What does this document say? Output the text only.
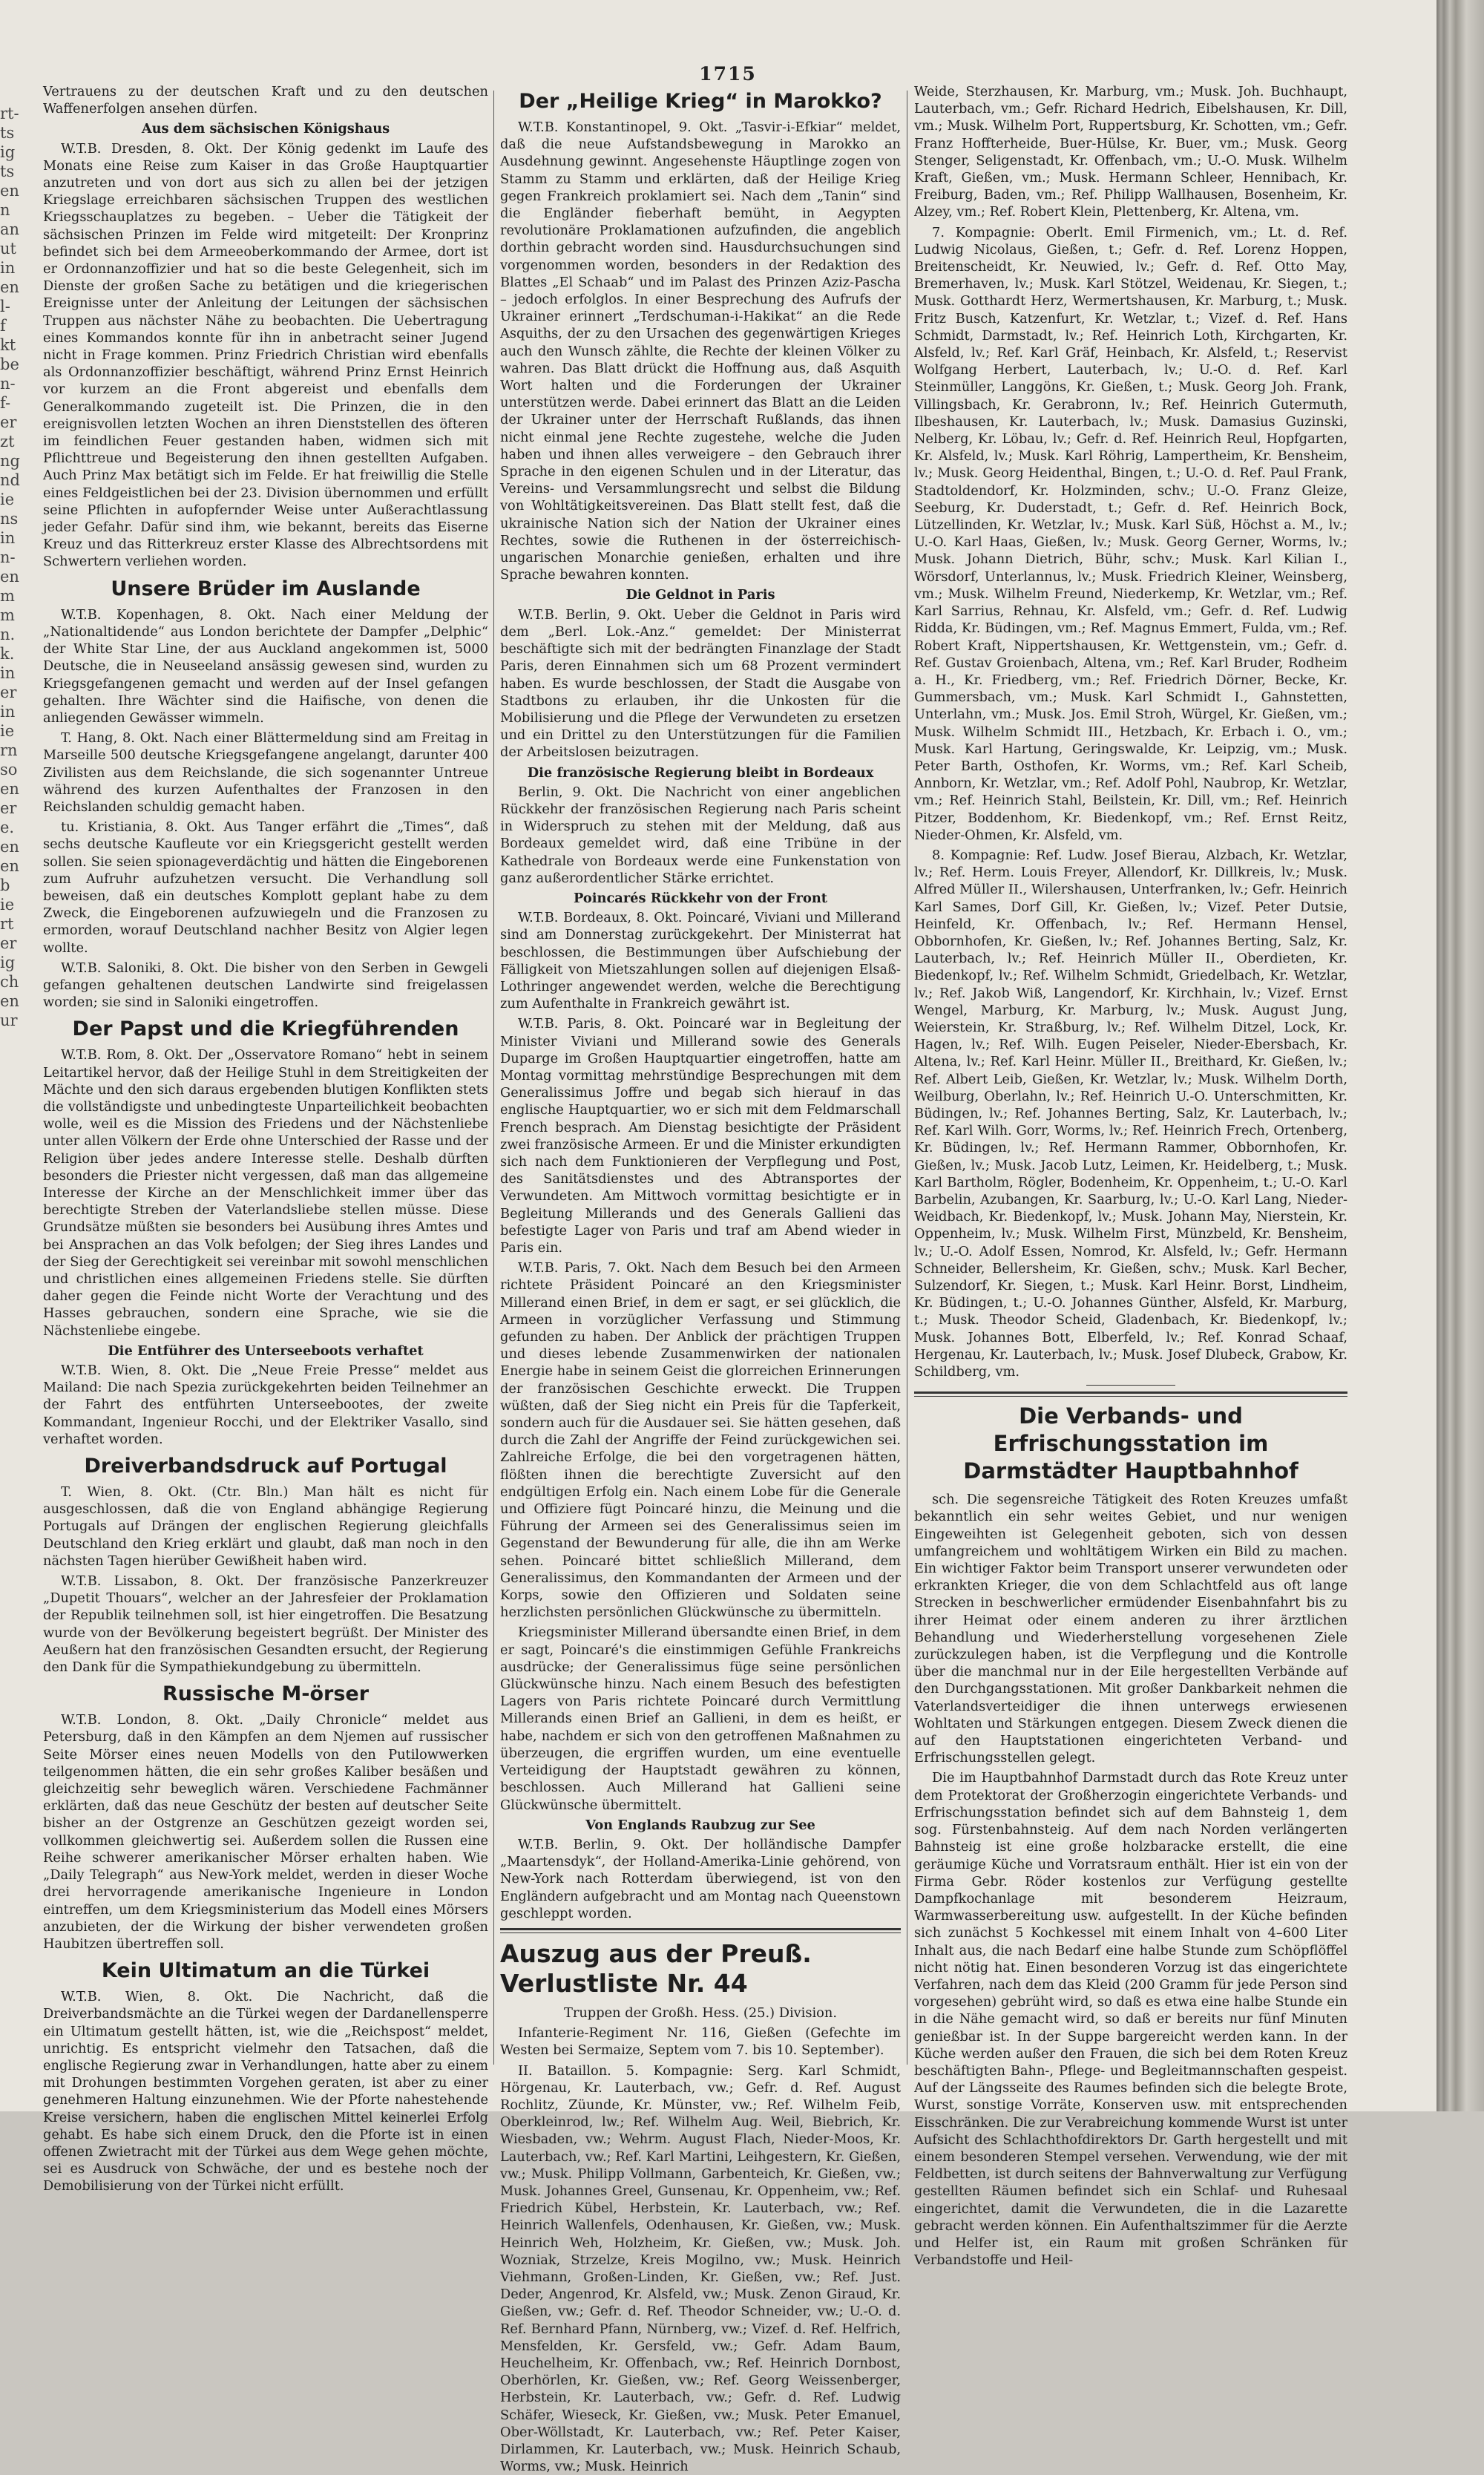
rt-
ts
ig
ts
en
n
an
ut
in
en
l-
f
kt
be
n-
f-
er
zt
ng
nd
ie
ns
in
n-
en
m
m
n.
k.
in
er
in
ie
rn
so
en
er
e.
en
en
b
ie
rt
er
ig
ch
en
ur
1715

Vertrauens zu der deutschen Kraft und zu den deutschen Waffenerfolgen ansehen dürfen.

Aus dem sächsischen Königshaus

W.T.B. Dresden, 8. Okt. Der König gedenkt im Laufe des Monats eine Reise zum Kaiser in das Große Hauptquartier anzutreten und von dort aus sich zu allen bei der jetzigen Kriegslage erreichbaren sächsischen Truppen des westlichen Kriegsschauplatzes zu begeben. – Ueber die Tätigkeit der sächsischen Prinzen im Felde wird mitgeteilt: Der Kronprinz befindet sich bei dem Armeeoberkommando der Armee, dort ist er Ordonnanzoffizier und hat so die beste Gelegenheit, sich im Dienste der großen Sache zu betätigen und die kriegerischen Ereignisse unter der Anleitung der Leitungen der sächsischen Truppen aus nächster Nähe zu beobachten. Die Uebertragung eines Kommandos konnte für ihn in anbetracht seiner Jugend nicht in Frage kommen. Prinz Friedrich Christian wird ebenfalls als Ordonnanzoffizier beschäftigt, während Prinz Ernst Heinrich vor kurzem an die Front abgereist und ebenfalls dem Generalkommando zugeteilt ist. Die Prinzen, die in den ereignisvollen letzten Wochen an ihren Dienststellen des öfteren im feindlichen Feuer gestanden haben, widmen sich mit Pflichttreue und Begeisterung den ihnen gestellten Aufgaben. Auch Prinz Max betätigt sich im Felde. Er hat freiwillig die Stelle eines Feldgeistlichen bei der 23. Division übernommen und erfüllt seine Pflichten in aufopfernder Weise unter Außerachtlassung jeder Gefahr. Dafür sind ihm, wie bekannt, bereits das Eiserne Kreuz und das Ritterkreuz erster Klasse des Albrechtsordens mit Schwertern verliehen worden.

Unsere Brüder im Auslande

W.T.B. Kopenhagen, 8. Okt. Nach einer Meldung der „Nationaltidende“ aus London berichtete der Dampfer „Delphic“ der White Star Line, der aus Auckland angekommen ist, 5000 Deutsche, die in Neuseeland ansässig gewesen sind, wurden zu Kriegsgefangenen gemacht und werden auf der Insel gefangen gehalten. Ihre Wächter sind die Haifische, von denen die anliegenden Gewässer wimmeln.

T. Hang, 8. Okt. Nach einer Blättermeldung sind am Freitag in Marseille 500 deutsche Kriegsgefangene angelangt, darunter 400 Zivilisten aus dem Reichslande, die sich sogenannter Untreue während des kurzen Aufenthaltes der Franzosen in den Reichslanden schuldig gemacht haben.

tu. Kristiania, 8. Okt. Aus Tanger erfährt die „Times“, daß sechs deutsche Kaufleute vor ein Kriegsgericht gestellt werden sollen. Sie seien spionageverdächtig und hätten die Eingeborenen zum Aufruhr aufzuhetzen versucht. Die Verhandlung soll beweisen, daß ein deutsches Komplott geplant habe zu dem Zweck, die Eingeborenen aufzuwiegeln und die Franzosen zu ermorden, worauf Deutschland nachher Besitz von Algier legen wollte.

W.T.B. Saloniki, 8. Okt. Die bisher von den Serben in Gewgeli gefangen gehaltenen deutschen Landwirte sind freigelassen worden; sie sind in Saloniki eingetroffen.

Der Papst und die Kriegführenden

W.T.B. Rom, 8. Okt. Der „Osservatore Romano“ hebt in seinem Leitartikel hervor, daß der Heilige Stuhl in dem Streitigkeiten der Mächte und den sich daraus ergebenden blutigen Konflikten stets die vollständigste und unbedingteste Unparteilichkeit beobachten wolle, weil es die Mission des Friedens und der Nächstenliebe unter allen Völkern der Erde ohne Unterschied der Rasse und der Religion über jedes andere Interesse stelle. Deshalb dürften besonders die Priester nicht vergessen, daß man das allgemeine Interesse der Kirche an der Menschlichkeit immer über das berechtigte Streben der Vaterlandsliebe stellen müsse. Diese Grundsätze müßten sie besonders bei Ausübung ihres Amtes und bei Ansprachen an das Volk befolgen; der Sieg ihres Landes und der Sieg der Gerechtigkeit sei vereinbar mit sowohl menschlichen und christlichen eines allgemeinen Friedens stelle. Sie dürften daher gegen die Feinde nicht Worte der Verachtung und des Hasses gebrauchen, sondern eine Sprache, wie sie die Nächstenliebe eingebe.

Die Entführer des Unterseeboots verhaftet

W.T.B. Wien, 8. Okt. Die „Neue Freie Presse“ meldet aus Mailand: Die nach Spezia zurückgekehrten beiden Teilnehmer an der Fahrt des entführten Unterseebootes, der zweite Kommandant, Ingenieur Rocchi, und der Elektriker Vasallo, sind verhaftet worden.

Dreiverbandsdruck auf Portugal

T. Wien, 8. Okt. (Ctr. Bln.) Man hält es nicht für ausgeschlossen, daß die von England abhängige Regierung Portugals auf Drängen der englischen Regierung gleichfalls Deutschland den Krieg erklärt und glaubt, daß man noch in den nächsten Tagen hierüber Gewißheit haben wird.

W.T.B. Lissabon, 8. Okt. Der französische Panzerkreuzer „Dupetit Thouars“, welcher an der Jahresfeier der Proklamation der Republik teilnehmen soll, ist hier eingetroffen. Die Besatzung wurde von der Bevölkerung begeistert begrüßt. Der Minister des Aeußern hat den französischen Gesandten ersucht, der Regierung den Dank für die Sympathiekundgebung zu übermitteln.

Russische M-örser

W.T.B. London, 8. Okt. „Daily Chronicle“ meldet aus Petersburg, daß in den Kämpfen an dem Njemen auf russischer Seite Mörser eines neuen Modells von den Putilowwerken teilgenommen hätten, die ein sehr großes Kaliber besäßen und gleichzeitig sehr beweglich wären. Verschiedene Fachmänner erklärten, daß das neue Geschütz der besten auf deutscher Seite bisher an der Ostgrenze an Geschützen gezeigt worden sei, vollkommen gleichwertig sei. Außerdem sollen die Russen eine Reihe schwerer amerikanischer Mörser erhalten haben. Wie „Daily Telegraph“ aus New-York meldet, werden in dieser Woche drei hervorragende amerikanische Ingenieure in London eintreffen, um dem Kriegsministerium das Modell eines Mörsers anzubieten, der die Wirkung der bisher verwendeten großen Haubitzen übertreffen soll.

Kein Ultimatum an die Türkei

W.T.B. Wien, 8. Okt. Die Nachricht, daß die Dreiverbandsmächte an die Türkei wegen der Dardanellensperre ein Ultimatum gestellt hätten, ist, wie die „Reichspost“ meldet, unrichtig. Es entspricht vielmehr den Tatsachen, daß die englische Regierung zwar in Verhandlungen, hatte aber zu einem mit Drohungen bestimmten Vorgehen geraten, ist aber zu einer genehmeren Haltung einzunehmen. Wie der Pforte nahestehende Kreise versichern, haben die englischen Mittel keinerlei Erfolg gehabt. Es habe sich einem Druck, den die Pforte ist in einen offenen Zwietracht mit der Türkei aus dem Wege gehen möchte, sei es Ausdruck von Schwäche, der und es bestehe noch der Demobilisierung von der Türkei nicht erfüllt.

Der „Heilige Krieg“ in Marokko?

W.T.B. Konstantinopel, 9. Okt. „Tasvir-i-Efkiar“ meldet, daß die neue Aufstandsbewegung in Marokko an Ausdehnung gewinnt. Angesehenste Häuptlinge zogen von Stamm zu Stamm und erklärten, daß der Heilige Krieg gegen Frankreich proklamiert sei. Nach dem „Tanin“ sind die Engländer fieberhaft bemüht, in Aegypten revolutionäre Proklamationen aufzufinden, die angeblich dorthin gebracht worden sind. Hausdurchsuchungen sind vorgenommen worden, besonders in der Redaktion des Blattes „El Schaab“ und im Palast des Prinzen Aziz-Pascha – jedoch erfolglos. In einer Besprechung des Aufrufs der Ukrainer erinnert „Terdschuman-i-Hakikat“ an die Rede Asquiths, der zu den Ursachen des gegenwärtigen Krieges auch den Wunsch zählte, die Rechte der kleinen Völker zu wahren. Das Blatt drückt die Hoffnung aus, daß Asquith Wort halten und die Forderungen der Ukrainer unterstützen werde. Dabei erinnert das Blatt an die Leiden der Ukrainer unter der Herrschaft Rußlands, das ihnen nicht einmal jene Rechte zugestehe, welche die Juden haben und ihnen alles verweigere – den Gebrauch ihrer Sprache in den eigenen Schulen und in der Literatur, das Vereins- und Versammlungsrecht und selbst die Bildung von Wohltätigkeitsvereinen. Das Blatt stellt fest, daß die ukrainische Nation sich der Nation der Ukrainer eines Rechtes, sowie die Ruthenen in der österreichisch-ungarischen Monarchie genießen, erhalten und ihre Sprache bewahren konnten.

Die Geldnot in Paris

W.T.B. Berlin, 9. Okt. Ueber die Geldnot in Paris wird dem „Berl. Lok.-Anz.“ gemeldet: Der Ministerrat beschäftigte sich mit der bedrängten Finanzlage der Stadt Paris, deren Einnahmen sich um 68 Prozent vermindert haben. Es wurde beschlossen, der Stadt die Ausgabe von Stadtbons zu erlauben, ihr die Unkosten für die Mobilisierung und die Pflege der Verwundeten zu ersetzen und ein Drittel zu den Unterstützungen für die Familien der Arbeitslosen beizutragen.

Die französische Regierung bleibt in Bordeaux

Berlin, 9. Okt. Die Nachricht von einer angeblichen Rückkehr der französischen Regierung nach Paris scheint in Widerspruch zu stehen mit der Meldung, daß aus Bordeaux gemeldet wird, daß eine Tribüne in der Kathedrale von Bordeaux werde eine Funkenstation von ganz außerordentlicher Stärke errichtet.

Poincarés Rückkehr von der Front

W.T.B. Bordeaux, 8. Okt. Poincaré, Viviani und Millerand sind am Donnerstag zurückgekehrt. Der Ministerrat hat beschlossen, die Bestimmungen über Aufschiebung der Fälligkeit von Mietszahlungen sollen auf diejenigen Elsaß-Lothringer angewendet werden, welche die Berechtigung zum Aufenthalte in Frankreich gewährt ist.

W.T.B. Paris, 8. Okt. Poincaré war in Begleitung der Minister Viviani und Millerand sowie des Generals Duparge im Großen Hauptquartier eingetroffen, hatte am Montag vormittag mehrstündige Besprechungen mit dem Generalissimus Joffre und begab sich hierauf in das englische Hauptquartier, wo er sich mit dem Feldmarschall French besprach. Am Dienstag besichtigte der Präsident zwei französische Armeen. Er und die Minister erkundigten sich nach dem Funktionieren der Verpflegung und Post, des Sanitätsdienstes und des Abtransportes der Verwundeten. Am Mittwoch vormittag besichtigte er in Begleitung Millerands und des Generals Gallieni das befestigte Lager von Paris und traf am Abend wieder in Paris ein.

W.T.B. Paris, 7. Okt. Nach dem Besuch bei den Armeen richtete Präsident Poincaré an den Kriegsminister Millerand einen Brief, in dem er sagt, er sei glücklich, die Armeen in vorzüglicher Verfassung und Stimmung gefunden zu haben. Der Anblick der prächtigen Truppen und dieses lebende Zusammenwirken der nationalen Energie habe in seinem Geist die glorreichen Erinnerungen der französischen Geschichte erweckt. Die Truppen wüßten, daß der Sieg nicht ein Preis für die Tapferkeit, sondern auch für die Ausdauer sei. Sie hätten gesehen, daß durch die Zahl der Angriffe der Feind zurückgewichen sei. Zahlreiche Erfolge, die bei den vorgetragenen hätten, flößten ihnen die berechtigte Zuversicht auf den endgültigen Erfolg ein. Nach einem Lobe für die Generale und Offiziere fügt Poincaré hinzu, die Meinung und die Führung der Armeen sei des Generalissimus seien im Gegenstand der Bewunderung für alle, die ihn am Werke sehen. Poincaré bittet schließlich Millerand, dem Generalissimus, den Kommandanten der Armeen und der Korps, sowie den Offizieren und Soldaten seine herzlichsten persönlichen Glückwünsche zu übermitteln.

Kriegsminister Millerand übersandte einen Brief, in dem er sagt, Poincaré's die einstimmigen Gefühle Frankreichs ausdrücke; der Generalissimus füge seine persönlichen Glückwünsche hinzu. Nach einem Besuch des befestigten Lagers von Paris richtete Poincaré durch Vermittlung Millerands einen Brief an Gallieni, in dem es heißt, er habe, nachdem er sich von den getroffenen Maßnahmen zu überzeugen, die ergriffen wurden, um eine eventuelle Verteidigung der Hauptstadt gewähren zu können, beschlossen. Auch Millerand hat Gallieni seine Glückwünsche übermittelt.

Von Englands Raubzug zur See

W.T.B. Berlin, 9. Okt. Der holländische Dampfer „Maartensdyk“, der Holland-Amerika-Linie gehörend, von New-York nach Rotterdam überwiegend, ist von den Engländern aufgebracht und am Montag nach Queenstown geschleppt worden.

Auszug aus der Preuß. Verlustliste Nr. 44

Truppen der Großh. Hess. (25.) Division.

Infanterie-Regiment Nr. 116, Gießen (Gefechte im Westen bei Sermaize, Septem vom 7. bis 10. September).

II. Bataillon. 5. Kompagnie: Serg. Karl Schmidt, Hörgenau, Kr. Lauterbach, vw.; Gefr. d. Ref. August Rochlitz, Züunde, Kr. Münster, vw.; Ref. Wilhelm Feib, Oberkleinrod, lw.; Ref. Wilhelm Aug. Weil, Biebrich, Kr. Wiesbaden, vw.; Wehrm. August Flach, Nieder-Moos, Kr. Lauterbach, vw.; Ref. Karl Martini, Leihgestern, Kr. Gießen, vw.; Musk. Philipp Vollmann, Garbenteich, Kr. Gießen, vw.; Musk. Johannes Greel, Gunsenau, Kr. Oppenheim, vw.; Ref. Friedrich Kübel, Herbstein, Kr. Lauterbach, vw.; Ref. Heinrich Wallenfels, Odenhausen, Kr. Gießen, vw.; Musk. Heinrich Weh, Holzheim, Kr. Gießen, vw.; Musk. Joh. Wozniak, Strzelze, Kreis Mogilno, vw.; Musk. Heinrich Viehmann, Großen-Linden, Kr. Gießen, vw.; Ref. Just. Deder, Angenrod, Kr. Alsfeld, vw.; Musk. Zenon Giraud, Kr. Gießen, vw.; Gefr. d. Ref. Theodor Schneider, vw.; U.-O. d. Ref. Bernhard Pfann, Nürnberg, vw.; Vizef. d. Ref. Helfrich, Mensfelden, Kr. Gersfeld, vw.; Gefr. Adam Baum, Heuchelheim, Kr. Offenbach, vw.; Ref. Heinrich Dornbost, Oberhörlen, Kr. Gießen, vw.; Ref. Georg Weissenberger, Herbstein, Kr. Lauterbach, vw.; Gefr. d. Ref. Ludwig Schäfer, Wieseck, Kr. Gießen, vw.; Musk. Peter Emanuel, Ober-Wöllstadt, Kr. Lauterbach, vw.; Ref. Peter Kaiser, Dirlammen, Kr. Lauterbach, vw.; Musk. Heinrich Schaub, Worms, vw.; Musk. Heinrich

Weide, Sterzhausen, Kr. Marburg, vm.; Musk. Joh. Buchhaupt, Lauterbach, vm.; Gefr. Richard Hedrich, Eibelshausen, Kr. Dill, vm.; Musk. Wilhelm Port, Ruppertsburg, Kr. Schotten, vm.; Gefr. Franz Hoffterheide, Buer-Hülse, Kr. Buer, vm.; Musk. Georg Stenger, Seligenstadt, Kr. Offenbach, vm.; U.-O. Musk. Wilhelm Kraft, Gießen, vm.; Musk. Hermann Schleer, Hennibach, Kr. Freiburg, Baden, vm.; Ref. Philipp Wallhausen, Bosenheim, Kr. Alzey, vm.; Ref. Robert Klein, Plettenberg, Kr. Altena, vm.

7. Kompagnie: Oberlt. Emil Firmenich, vm.; Lt. d. Ref. Ludwig Nicolaus, Gießen, t.; Gefr. d. Ref. Lorenz Hoppen, Breitenscheidt, Kr. Neuwied, lv.; Gefr. d. Ref. Otto May, Bremerhaven, lv.; Musk. Karl Stötzel, Weidenau, Kr. Siegen, t.; Musk. Gotthardt Herz, Wermertshausen, Kr. Marburg, t.; Musk. Fritz Busch, Katzenfurt, Kr. Wetzlar, t.; Vizef. d. Ref. Hans Schmidt, Darmstadt, lv.; Ref. Heinrich Loth, Kirchgarten, Kr. Alsfeld, lv.; Ref. Karl Gräf, Heinbach, Kr. Alsfeld, t.; Reservist Wolfgang Herbert, Lauterbach, lv.; U.-O. d. Ref. Karl Steinmüller, Langgöns, Kr. Gießen, t.; Musk. Georg Joh. Frank, Villingsbach, Kr. Gerabronn, lv.; Ref. Heinrich Gutermuth, Ilbeshausen, Kr. Lauterbach, lv.; Musk. Damasius Guzinski, Nelberg, Kr. Löbau, lv.; Gefr. d. Ref. Heinrich Reul, Hopfgarten, Kr. Alsfeld, lv.; Musk. Karl Röhrig, Lampertheim, Kr. Bensheim, lv.; Musk. Georg Heidenthal, Bingen, t.; U.-O. d. Ref. Paul Frank, Stadtoldendorf, Kr. Holzminden, schv.; U.-O. Franz Gleize, Seeburg, Kr. Duderstadt, t.; Gefr. d. Ref. Heinrich Bock, Lützellinden, Kr. Wetzlar, lv.; Musk. Karl Süß, Höchst a. M., lv.; U.-O. Karl Haas, Gießen, lv.; Musk. Georg Gerner, Worms, lv.; Musk. Johann Dietrich, Bühr, schv.; Musk. Karl Kilian I., Wörsdorf, Unterlannus, lv.; Musk. Friedrich Kleiner, Weinsberg, vm.; Musk. Wilhelm Freund, Niederkemp, Kr. Wetzlar, vm.; Ref. Karl Sarrius, Rehnau, Kr. Alsfeld, vm.; Gefr. d. Ref. Ludwig Ridda, Kr. Büdingen, vm.; Ref. Magnus Emmert, Fulda, vm.; Ref. Robert Kraft, Nippertshausen, Kr. Wettgenstein, vm.; Gefr. d. Ref. Gustav Groienbach, Altena, vm.; Ref. Karl Bruder, Rodheim a. H., Kr. Friedberg, vm.; Ref. Friedrich Dörner, Becke, Kr. Gummersbach, vm.; Musk. Karl Schmidt I., Gahnstetten, Unterlahn, vm.; Musk. Jos. Emil Stroh, Würgel, Kr. Gießen, vm.; Musk. Wilhelm Schmidt III., Hetzbach, Kr. Erbach i. O., vm.; Musk. Karl Hartung, Geringswalde, Kr. Leipzig, vm.; Musk. Peter Barth, Osthofen, Kr. Worms, vm.; Ref. Karl Scheib, Annborn, Kr. Wetzlar, vm.; Ref. Adolf Pohl, Naubrop, Kr. Wetzlar, vm.; Ref. Heinrich Stahl, Beilstein, Kr. Dill, vm.; Ref. Heinrich Pitzer, Boddenhom, Kr. Biedenkopf, vm.; Ref. Ernst Reitz, Nieder-Ohmen, Kr. Alsfeld, vm.

8. Kompagnie: Ref. Ludw. Josef Bierau, Alzbach, Kr. Wetzlar, lv.; Ref. Herm. Louis Freyer, Allendorf, Kr. Dillkreis, lv.; Musk. Alfred Müller II., Wilershausen, Unterfranken, lv.; Gefr. Heinrich Karl Sames, Dorf Gill, Kr. Gießen, lv.; Vizef. Peter Dutsie, Heinfeld, Kr. Offenbach, lv.; Ref. Hermann Hensel, Obbornhofen, Kr. Gießen, lv.; Ref. Johannes Berting, Salz, Kr. Lauterbach, lv.; Ref. Heinrich Müller II., Oberdieten, Kr. Biedenkopf, lv.; Ref. Wilhelm Schmidt, Griedelbach, Kr. Wetzlar, lv.; Ref. Jakob Wiß, Langendorf, Kr. Kirchhain, lv.; Vizef. Ernst Wengel, Marburg, Kr. Marburg, lv.; Musk. August Jung, Weierstein, Kr. Straßburg, lv.; Ref. Wilhelm Ditzel, Lock, Kr. Hagen, lv.; Ref. Wilh. Eugen Peiseler, Nieder-Ebersbach, Kr. Altena, lv.; Ref. Karl Heinr. Müller II., Breithard, Kr. Gießen, lv.; Ref. Albert Leib, Gießen, Kr. Wetzlar, lv.; Musk. Wilhelm Dorth, Weilburg, Oberlahn, lv.; Ref. Heinrich U.-O. Unterschmitten, Kr. Büdingen, lv.; Ref. Johannes Berting, Salz, Kr. Lauterbach, lv.; Ref. Karl Wilh. Gorr, Worms, lv.; Ref. Heinrich Frech, Ortenberg, Kr. Büdingen, lv.; Ref. Hermann Rammer, Obbornhofen, Kr. Gießen, lv.; Musk. Jacob Lutz, Leimen, Kr. Heidelberg, t.; Musk. Karl Bartholm, Rögler, Bodenheim, Kr. Oppenheim, t.; U.-O. Karl Barbelin, Azubangen, Kr. Saarburg, lv.; U.-O. Karl Lang, Nieder-Weidbach, Kr. Biedenkopf, lv.; Musk. Johann May, Nierstein, Kr. Oppenheim, lv.; Musk. Wilhelm First, Münzbeld, Kr. Bensheim, lv.; U.-O. Adolf Essen, Nomrod, Kr. Alsfeld, lv.; Gefr. Hermann Schneider, Bellersheim, Kr. Gießen, schv.; Musk. Karl Becher, Sulzendorf, Kr. Siegen, t.; Musk. Karl Heinr. Borst, Lindheim, Kr. Büdingen, t.; U.-O. Johannes Günther, Alsfeld, Kr. Marburg, t.; Musk. Theodor Scheid, Gladenbach, Kr. Biedenkopf, lv.; Musk. Johannes Bott, Elberfeld, lv.; Ref. Konrad Schaaf, Hergenau, Kr. Lauterbach, lv.; Musk. Josef Dlubeck, Grabow, Kr. Schildberg, vm.

Die Verbands- und Erfrischungsstation im Darmstädter Hauptbahnhof

sch. Die segensreiche Tätigkeit des Roten Kreuzes umfaßt bekanntlich ein sehr weites Gebiet, und nur wenigen Eingeweihten ist Gelegenheit geboten, sich von dessen umfangreichem und wohltätigem Wirken ein Bild zu machen. Ein wichtiger Faktor beim Transport unserer verwundeten oder erkrankten Krieger, die von dem Schlachtfeld aus oft lange Strecken in beschwerlicher ermüdender Eisenbahnfahrt bis zu ihrer Heimat oder einem anderen zu ihrer ärztlichen Behandlung und Wiederherstellung vorgesehenen Ziele zurückzulegen haben, ist die Verpflegung und die Kontrolle über die manchmal nur in der Eile hergestellten Verbände auf den Durchgangsstationen. Mit großer Dankbarkeit nehmen die Vaterlandsverteidiger die ihnen unterwegs erwiesenen Wohltaten und Stärkungen entgegen. Diesem Zweck dienen die auf den Hauptstationen eingerichteten Verband- und Erfrischungsstellen gelegt.

Die im Hauptbahnhof Darmstadt durch das Rote Kreuz unter dem Protektorat der Großherzogin eingerichtete Verbands- und Erfrischungsstation befindet sich auf dem Bahnsteig 1, dem sog. Fürstenbahnsteig. Auf dem nach Norden verlängerten Bahnsteig ist eine große holzbaracke erstellt, die eine geräumige Küche und Vorratsraum enthält. Hier ist ein von der Firma Gebr. Röder kostenlos zur Verfügung gestellte Dampfkochanlage mit besonderem Heizraum, Warmwasserbereitung usw. aufgestellt. In der Küche befinden sich zunächst 5 Kochkessel mit einem Inhalt von 4–600 Liter Inhalt aus, die nach Bedarf eine halbe Stunde zum Schöpflöffel nicht nötig hat. Einen besonderen Vorzug ist das eingerichtete Verfahren, nach dem das Kleid (200 Gramm für jede Person sind vorgesehen) gebrüht wird, so daß es etwa eine halbe Stunde ein in die Nähe gemacht wird, so daß er bereits nur fünf Minuten genießbar ist. In der Suppe bargereicht werden kann. In der Küche werden außer den Frauen, die sich bei dem Roten Kreuz beschäftigten Bahn-, Pflege- und Begleitmannschaften gespeist. Auf der Längsseite des Raumes befinden sich die belegte Brote, Wurst, sonstige Vorräte, Konserven usw. mit entsprechenden Eisschränken. Die zur Verabreichung kommende Wurst ist unter Aufsicht des Schlachthofdirektors Dr. Garth hergestellt und mit einem besonderen Stempel versehen. Verwendung, wie der mit Feldbetten, ist durch seitens der Bahnverwaltung zur Verfügung gestellten Räumen befindet sich ein Schlaf- und Ruhesaal eingerichtet, damit die Verwundeten, die in die Lazarette gebracht werden können. Ein Aufenthaltszimmer für die Aerzte und Helfer ist, ein Raum mit großen Schränken für Verbandstoffe und Heil-
